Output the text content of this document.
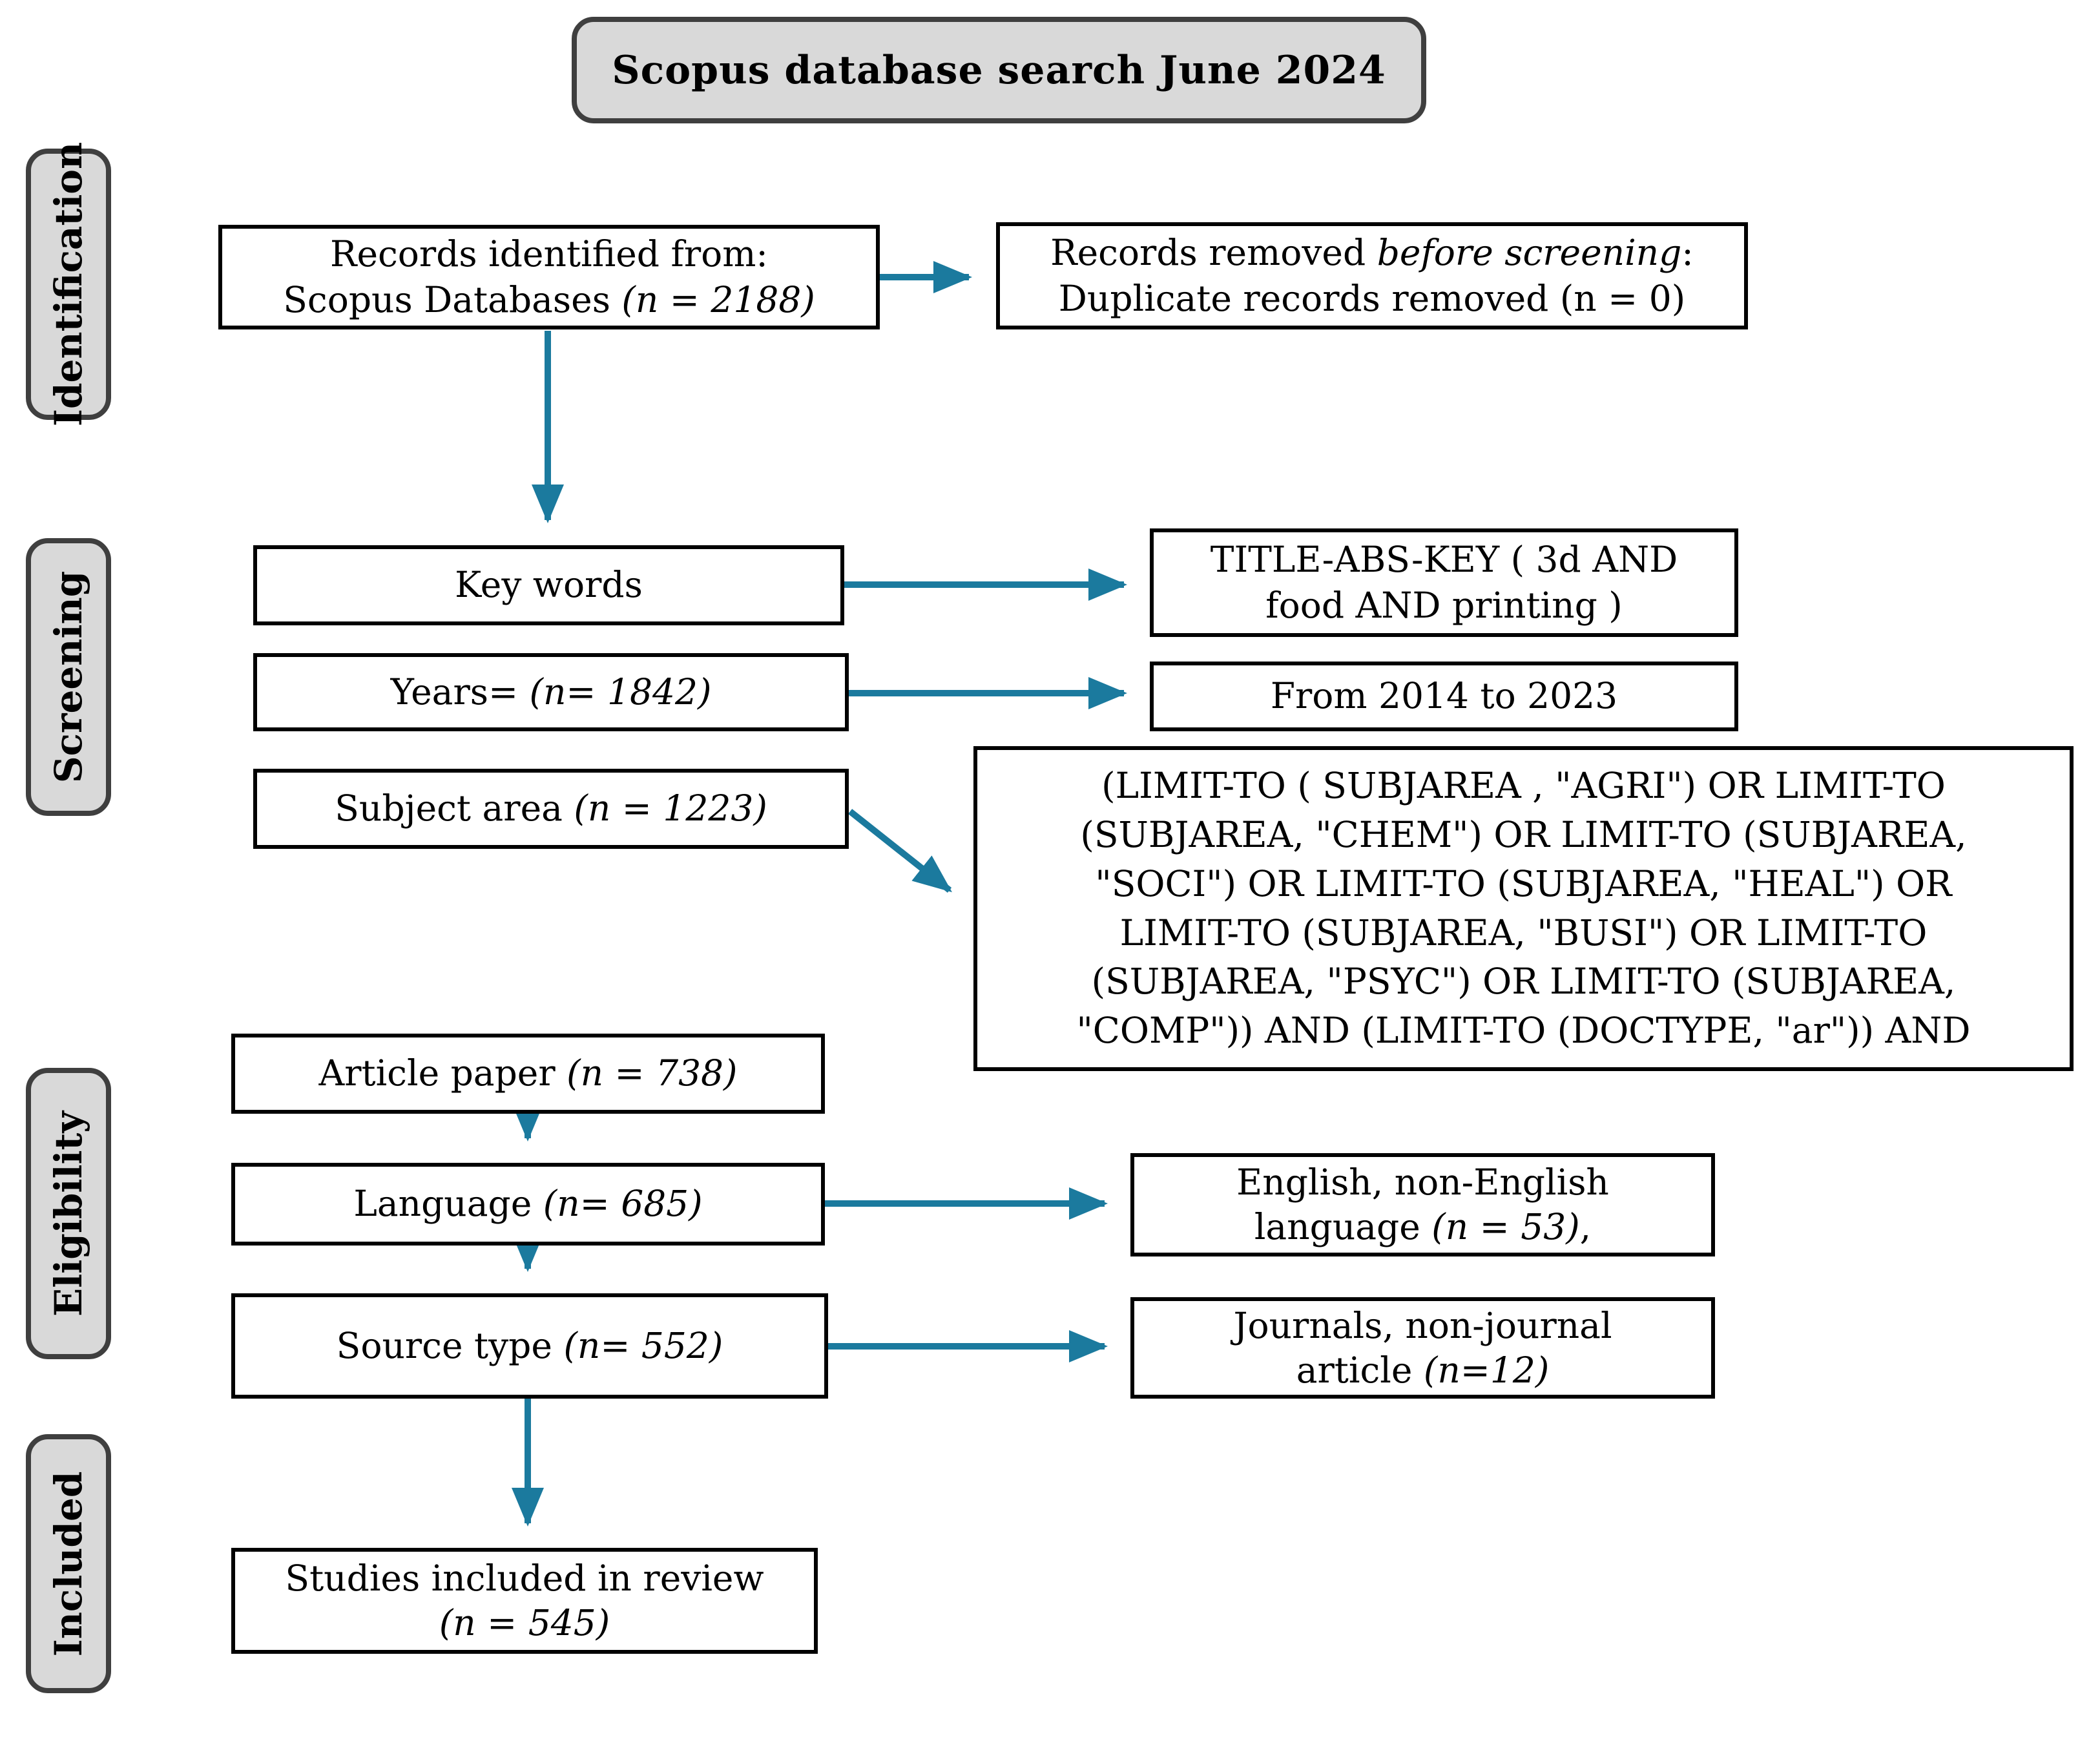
Scopus database search June 2024
Identification
Screening
Eligibility
Included
Records identified from:
Scopus Databases (n = 2188)
Records removed before screening:
Duplicate records removed (n = 0)
Key words
Years= (n= 1842)
Subject area (n = 1223)
TITLE-ABS-KEY ( 3d AND
food AND printing )
From 2014 to 2023
(LIMIT-TO ( SUBJAREA , "AGRI") OR LIMIT-TO
(SUBJAREA, "CHEM") OR LIMIT-TO (SUBJAREA,
"SOCI") OR LIMIT-TO (SUBJAREA, "HEAL") OR
LIMIT-TO (SUBJAREA, "BUSI") OR LIMIT-TO
(SUBJAREA, "PSYC") OR LIMIT-TO (SUBJAREA,
"COMP")) AND (LIMIT-TO (DOCTYPE, "ar")) AND
Article paper (n = 738)
Language (n= 685)
English, non-English
language (n = 53),
Source type (n= 552)	Journals, non-journal
article (n=12)
Studies included in review
(n = 545)
